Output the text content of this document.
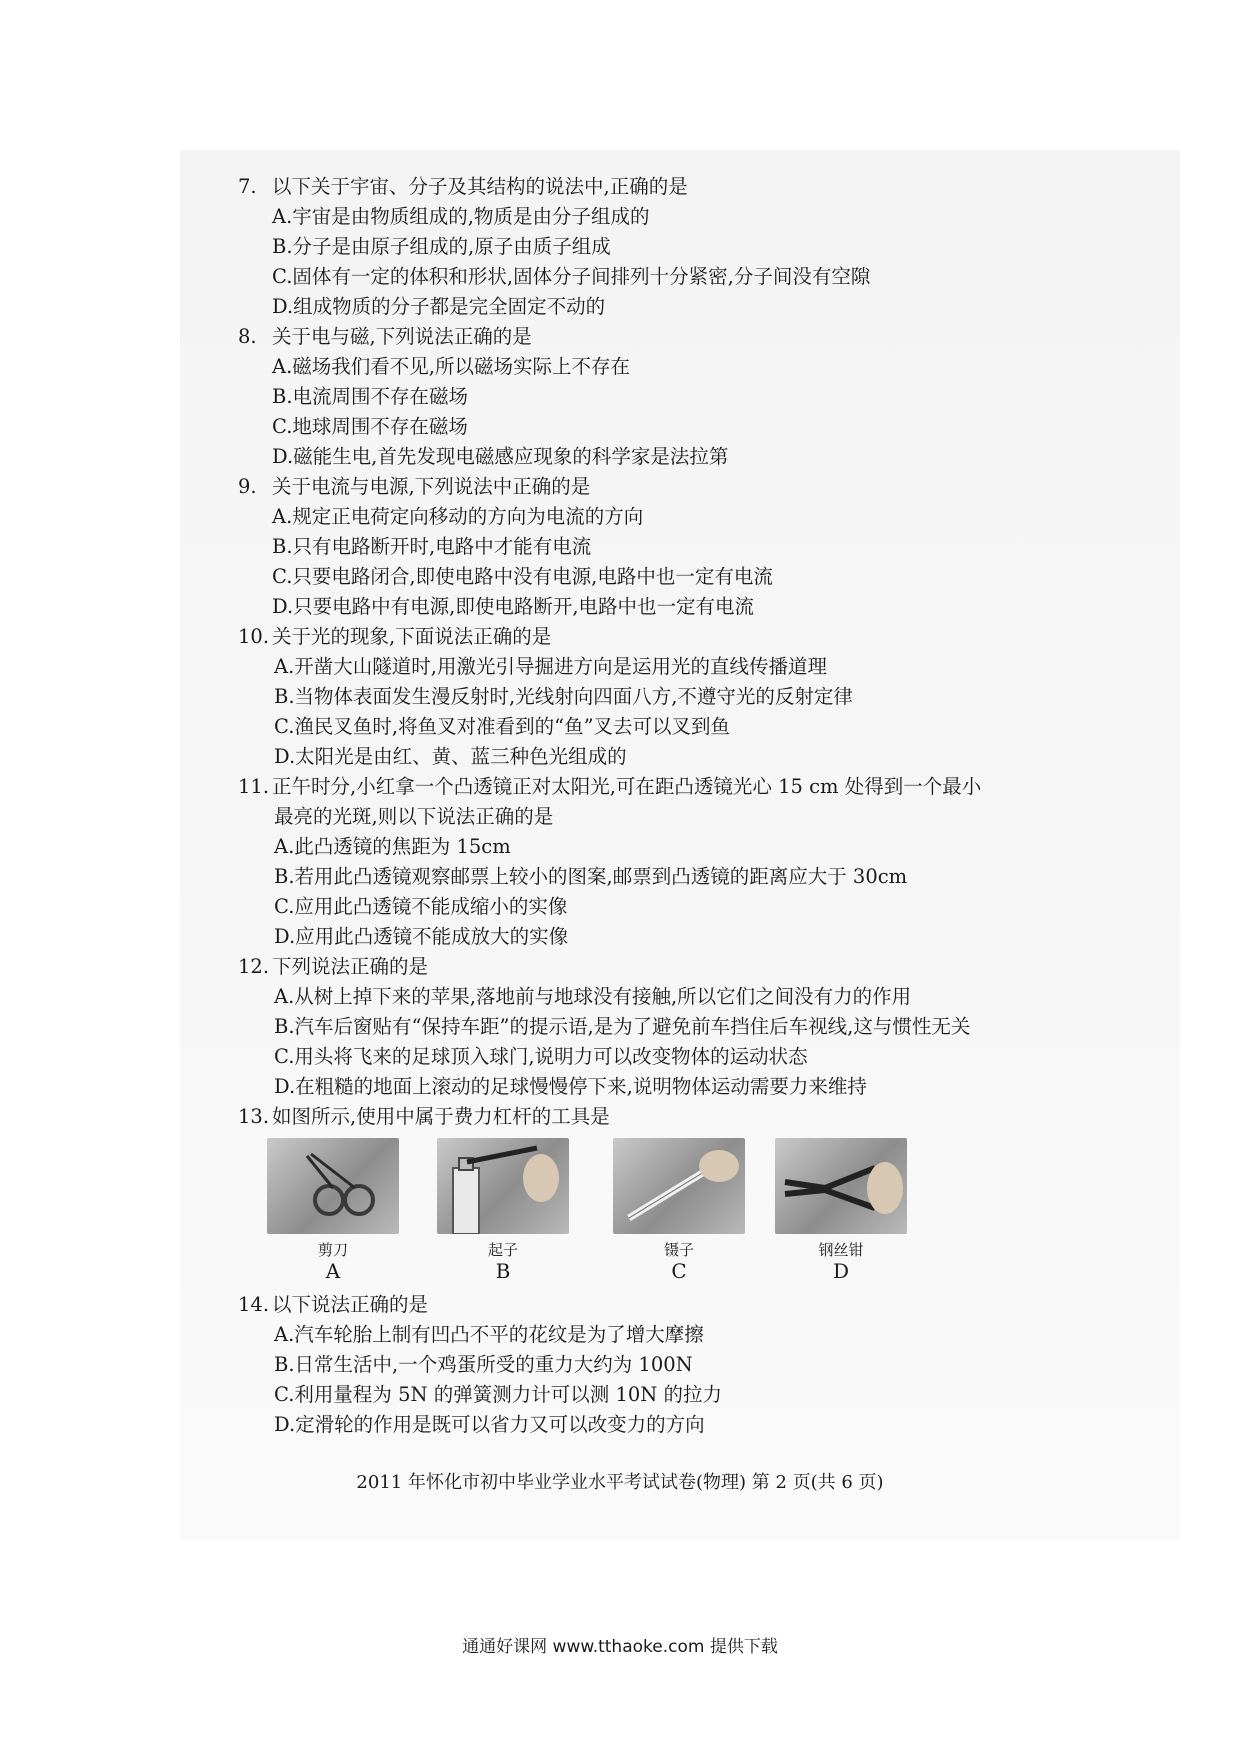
7. 以下关于宇宙、分子及其结构的说法中,正确的是
A.宇宙是由物质组成的,物质是由分子组成的
B.分子是由原子组成的,原子由质子组成
C.固体有一定的体积和形状,固体分子间排列十分紧密,分子间没有空隙
D.组成物质的分子都是完全固定不动的
8. 关于电与磁,下列说法正确的是
A.磁场我们看不见,所以磁场实际上不存在
B.电流周围不存在磁场
C.地球周围不存在磁场
D.磁能生电,首先发现电磁感应现象的科学家是法拉第
9. 关于电流与电源,下列说法中正确的是
A.规定正电荷定向移动的方向为电流的方向
B.只有电路断开时,电路中才能有电流
C.只要电路闭合,即使电路中没有电源,电路中也一定有电流
D.只要电路中有电源,即使电路断开,电路中也一定有电流
10. 关于光的现象,下面说法正确的是
A.开凿大山隧道时,用激光引导掘进方向是运用光的直线传播道理
B.当物体表面发生漫反射时,光线射向四面八方,不遵守光的反射定律
C.渔民叉鱼时,将鱼叉对准看到的“鱼”叉去可以叉到鱼
D.太阳光是由红、黄、蓝三种色光组成的
11. 正午时分,小红拿一个凸透镜正对太阳光,可在距凸透镜光心 15 cm 处得到一个最小
最亮的光斑,则以下说法正确的是
A.此凸透镜的焦距为 15cm
B.若用此凸透镜观察邮票上较小的图案,邮票到凸透镜的距离应大于 30cm
C.应用此凸透镜不能成缩小的实像
D.应用此凸透镜不能成放大的实像
12. 下列说法正确的是
A.从树上掉下来的苹果,落地前与地球没有接触,所以它们之间没有力的作用
B.汽车后窗贴有“保持车距”的提示语,是为了避免前车挡住后车视线,这与惯性无关
C.用头将飞来的足球顶入球门,说明力可以改变物体的运动状态
D.在粗糙的地面上滚动的足球慢慢停下来,说明物体运动需要力来维持
13. 如图所示,使用中属于费力杠杆的工具是
剪刀
A
起子
B
镊子
C
钢丝钳
D
14. 以下说法正确的是
A.汽车轮胎上制有凹凸不平的花纹是为了增大摩擦
B.日常生活中,一个鸡蛋所受的重力大约为 100N
C.利用量程为 5N 的弹簧测力计可以测 10N 的拉力
D.定滑轮的作用是既可以省力又可以改变力的方向
2011 年怀化市初中毕业学业水平考试试卷(物理) 第 2 页(共 6 页)
通通好课网 www.tthaoke.com 提供下载
